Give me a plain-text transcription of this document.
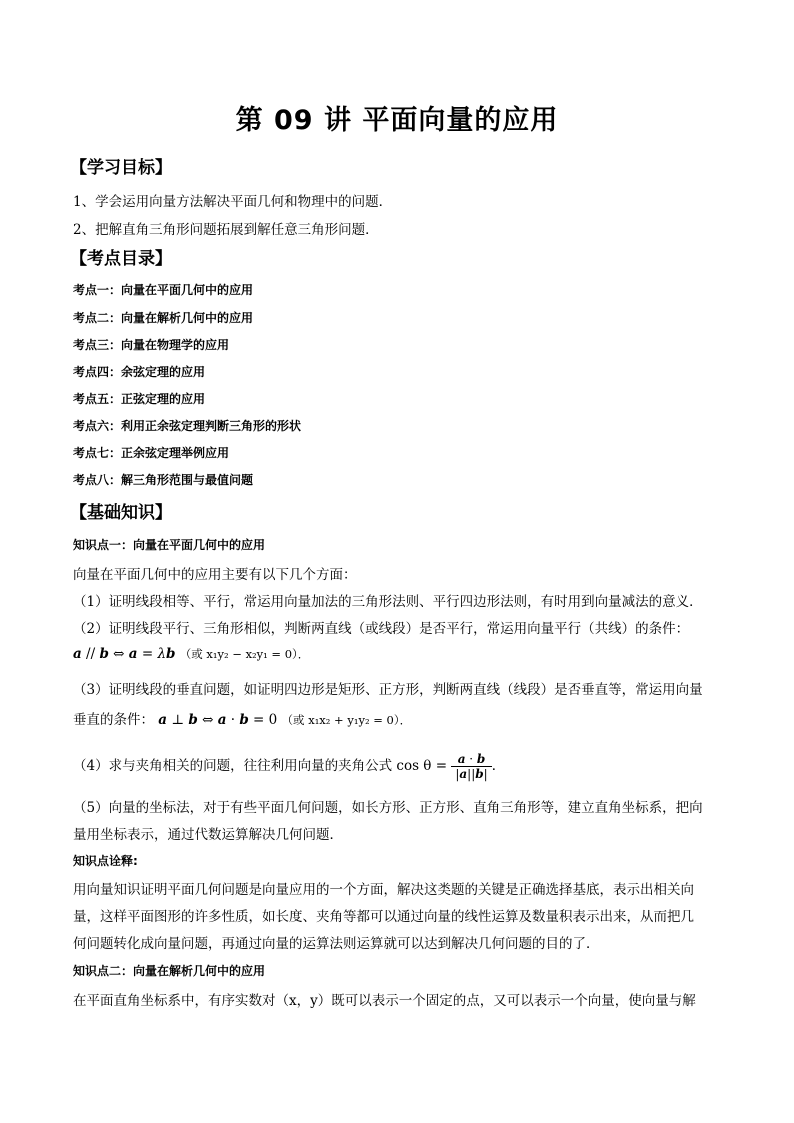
第 09 讲 平面向量的应用
【学习目标】
1、学会运用向量方法解决平面几何和物理中的问题．
2、把解直角三角形问题拓展到解任意三角形问题．
【考点目录】
考点一：向量在平面几何中的应用
考点二：向量在解析几何中的应用
考点三：向量在物理学的应用
考点四：余弦定理的应用
考点五：正弦定理的应用
考点六：利用正余弦定理判断三角形的形状
考点七：正余弦定理举例应用
考点八：解三角形范围与最值问题
【基础知识】
知识点一：向量在平面几何中的应用
向量在平面几何中的应用主要有以下几个方面：
（1）证明线段相等、平行，常运用向量加法的三角形法则、平行四边形法则，有时用到向量减法的意义．
（2）证明线段平行、三角形相似，判断两直线（或线段）是否平行，常运用向量平行（共线）的条件：
a // b ⇔ a = λb （或 x₁y₂ − x₂y₁ = 0）．
（3）证明线段的垂直问题，如证明四边形是矩形、正方形，判断两直线（线段）是否垂直等，常运用向量
垂直的条件： a ⊥ b ⇔ a · b = 0 （或 x₁x₂ + y₁y₂ = 0）．
（4）求与夹角相关的问题，往往利用向量的夹角公式 $\cos \theta = \frac{a \cdot b}{|a||b|}$ ．
（5）向量的坐标法，对于有些平面几何问题，如长方形、正方形、直角三角形等，建立直角坐标系，把向
量用坐标表示，通过代数运算解决几何问题．
知识点诠释:
用向量知识证明平面几何问题是向量应用的一个方面，解决这类题的关键是正确选择基底，表示出相关向
量，这样平面图形的许多性质，如长度、夹角等都可以通过向量的线性运算及数量积表示出来，从而把几
何问题转化成向量问题，再通过向量的运算法则运算就可以达到解决几何问题的目的了．
知识点二：向量在解析几何中的应用
在平面直角坐标系中，有序实数对（x，y）既可以表示一个固定的点，又可以表示一个向量，使向量与解
